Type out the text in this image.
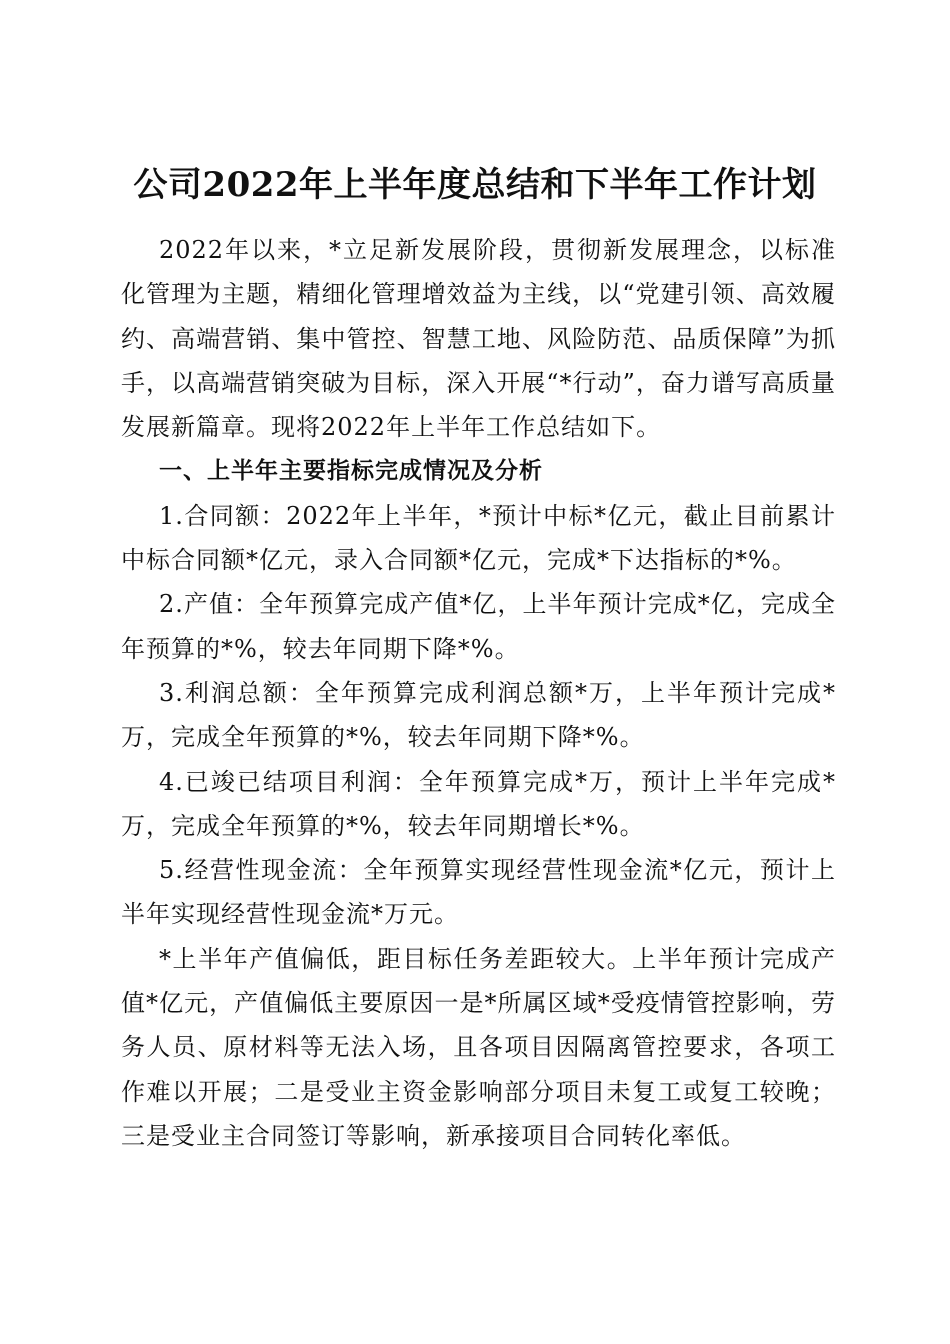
公司2022年上半年度总结和下半年工作计划

2022年以来，*立足新发展阶段，贯彻新发展理念，以标准化管理为主题，精细化管理增效益为主线，以“党建引领、高效履约、高端营销、集中管控、智慧工地、风险防范、品质保障”为抓手，以高端营销突破为目标，深入开展“*行动”，奋力谱写高质量发展新篇章。现将2022年上半年工作总结如下。

一、上半年主要指标完成情况及分析

1.合同额：2022年上半年，*预计中标*亿元，截止目前累计中标合同额*亿元，录入合同额*亿元，完成*下达指标的*%。

2.产值：全年预算完成产值*亿，上半年预计完成*亿，完成全年预算的*%，较去年同期下降*%。

3.利润总额：全年预算完成利润总额*万，上半年预计完成*万，完成全年预算的*%，较去年同期下降*%。

4.已竣已结项目利润：全年预算完成*万，预计上半年完成*万，完成全年预算的*%，较去年同期增长*%。

5.经营性现金流：全年预算实现经营性现金流*亿元，预计上半年实现经营性现金流*万元。

*上半年产值偏低，距目标任务差距较大。上半年预计完成产值*亿元，产值偏低主要原因一是*所属区域*受疫情管控影响，劳务人员、原材料等无法入场，且各项目因隔离管控要求，各项工作难以开展；二是受业主资金影响部分项目未复工或复工较晚；三是受业主合同签订等影响，新承接项目合同转化率低。
